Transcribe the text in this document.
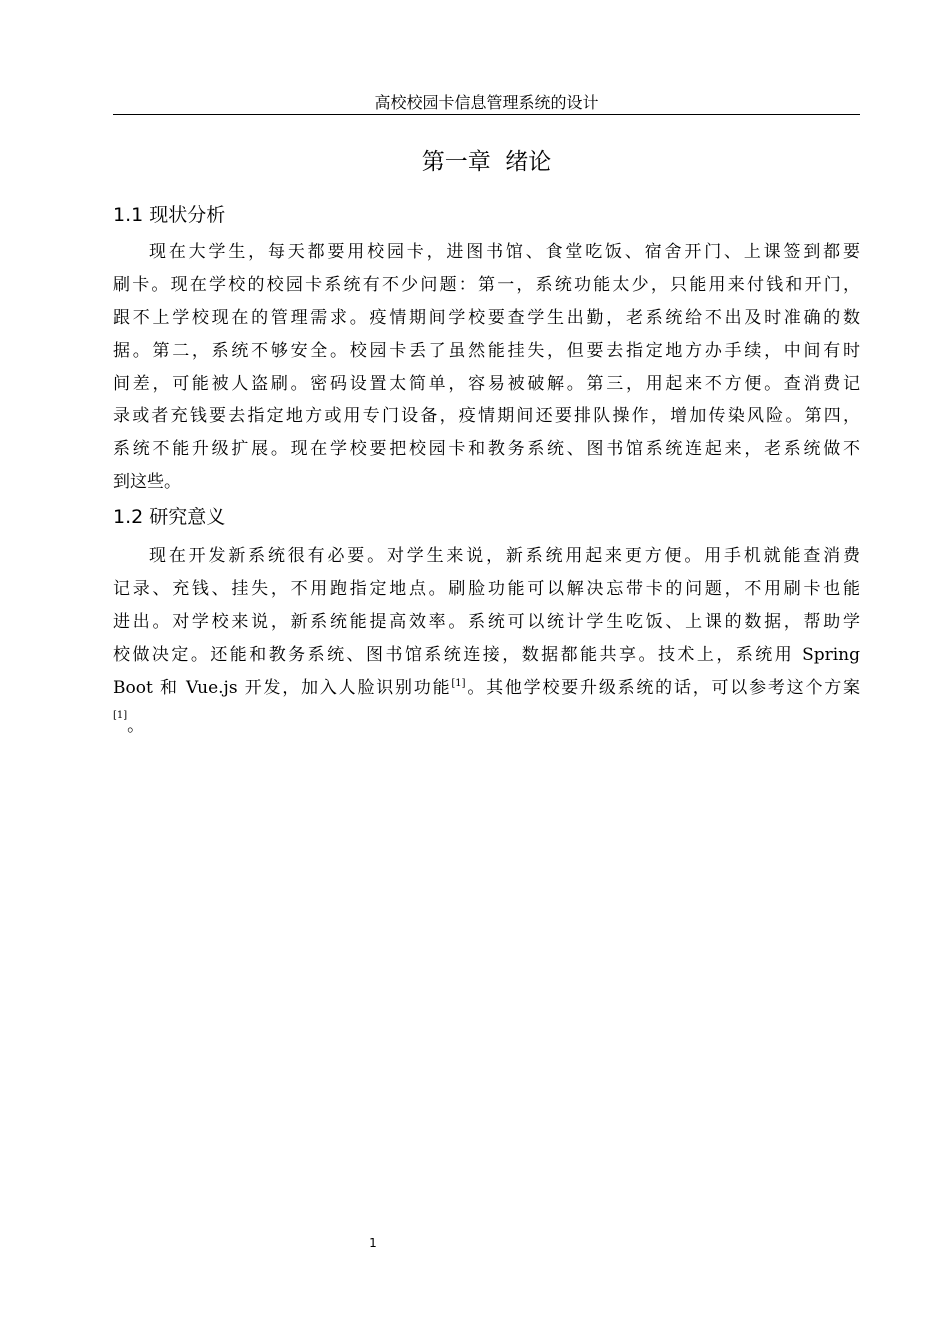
高校校园卡信息管理系统的设计
第一章  绪论
1.1 现状分析
现在大学生，每天都要用校园卡，进图书馆、食堂吃饭、宿舍开门、上课签到都要
刷卡。现在学校的校园卡系统有不少问题：第一，系统功能太少，只能用来付钱和开门，
跟不上学校现在的管理需求。疫情期间学校要查学生出勤，老系统给不出及时准确的数
据。第二，系统不够安全。校园卡丢了虽然能挂失，但要去指定地方办手续，中间有时
间差，可能被人盗刷。密码设置太简单，容易被破解。第三，用起来不方便。查消费记
录或者充钱要去指定地方或用专门设备，疫情期间还要排队操作，增加传染风险。第四，
系统不能升级扩展。现在学校要把校园卡和教务系统、图书馆系统连起来，老系统做不
到这些。
1.2 研究意义
现在开发新系统很有必要。对学生来说，新系统用起来更方便。用手机就能查消费
记录、充钱、挂失，不用跑指定地点。刷脸功能可以解决忘带卡的问题，不用刷卡也能
进出。对学校来说，新系统能提高效率。系统可以统计学生吃饭、上课的数据，帮助学
校做决定。还能和教务系统、图书馆系统连接，数据都能共享。技术上，系统用 Spring
Boot 和 Vue.js 开发，加入人脸识别功能[1]。其他学校要升级系统的话，可以参考这个方案
[1]。
1
